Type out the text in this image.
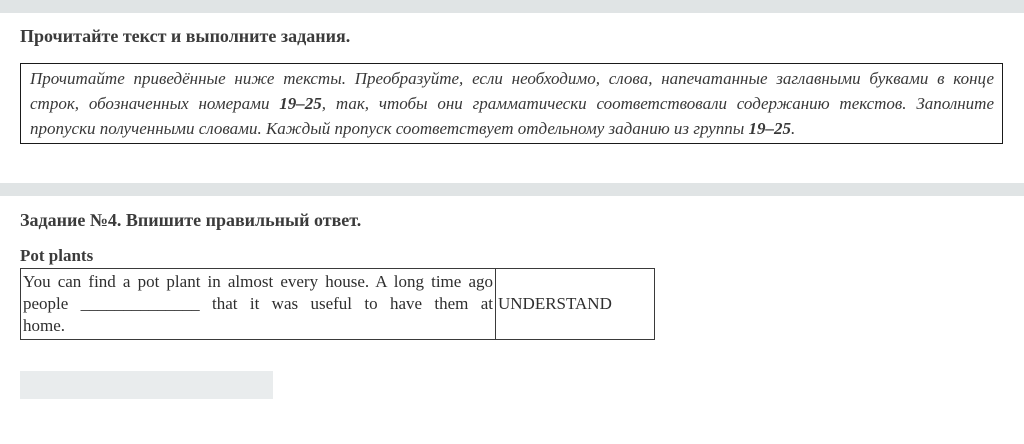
Прочитайте текст и выполните задания.
Прочитайте приведённые ниже тексты. Преобразуйте, если необходимо, слова, напечатанные заглавными буквами в конце
строк, обозначенных номерами 19–25, так, чтобы они грамматически соответствовали содержанию текстов. Заполните
пропуски полученными словами. Каждый пропуск соответствует отдельному заданию из группы 19–25.
Задание №4. Впишите правильный ответ.
Pot plants
You can find a pot plant in almost every house. A long time ago
people ______________ that it was useful to have them at
home.
UNDERSTAND
